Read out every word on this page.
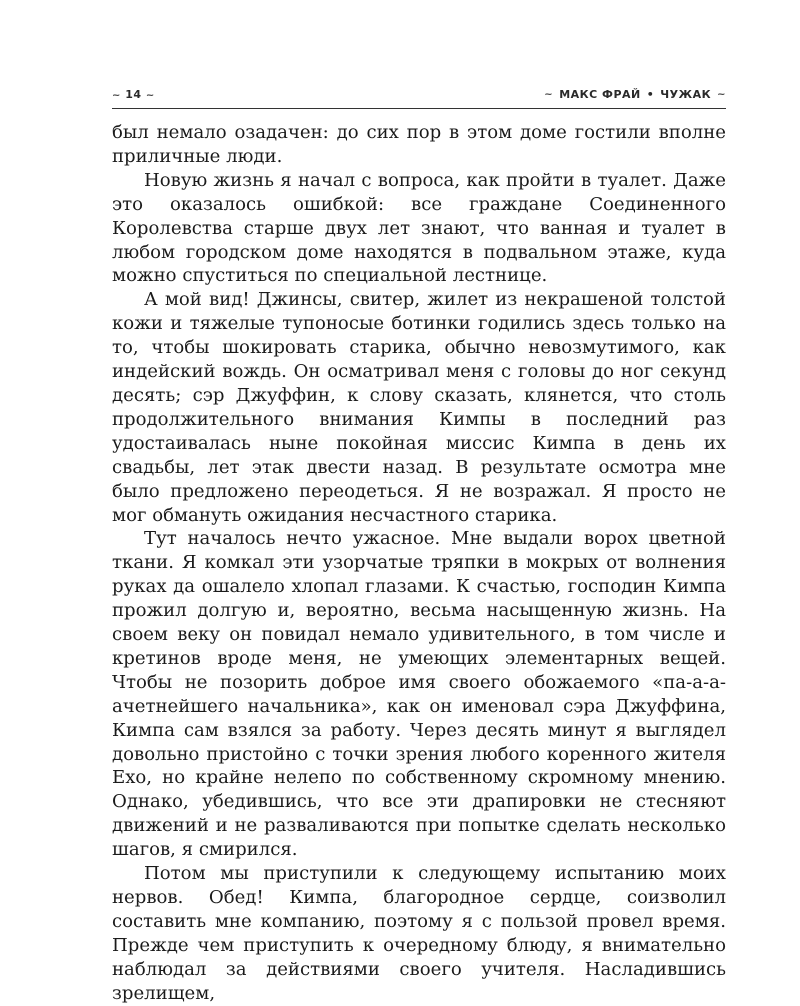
~ 14 ~	~ МАКС ФРАЙ • ЧУЖАК ~

был немало озадачен: до сих пор в этом доме гостили вполне приличные люди.

Новую жизнь я начал с вопроса, как пройти в туалет. Даже это оказалось ошибкой: все граждане Соединенного Королевства старше двух лет знают, что ванная и туалет в любом городском доме находятся в подвальном этаже, куда можно спуститься по специальной лестнице.

А мой вид! Джинсы, свитер, жилет из некрашеной толстой кожи и тяжелые тупоносые ботинки годились здесь только на то, чтобы шокировать старика, обычно невозмутимого, как индейский вождь. Он осматривал меня с головы до ног секунд десять; сэр Джуффин, к слову сказать, клянется, что столь продолжительного внимания Кимпы в последний раз удостаивалась ныне покойная миссис Кимпа в день их свадьбы, лет этак двести назад. В результате осмотра мне было предложено переодеться. Я не возражал. Я просто не мог обмануть ожидания несчастного старика.

Тут началось нечто ужасное. Мне выдали ворох цветной ткани. Я комкал эти узорчатые тряпки в мокрых от волнения руках да ошалело хлопал глазами. К счастью, господин Кимпа прожил долгую и, вероятно, весьма насыщенную жизнь. На своем веку он повидал немало удивительного, в том числе и кретинов вроде меня, не умеющих элементарных вещей. Чтобы не позорить доброе имя своего обожаемого «па-а-а-ачетнейшего начальника», как он именовал сэра Джуффина, Кимпа сам взялся за работу. Через десять минут я выглядел довольно пристойно с точки зрения любого коренного жителя Ехо, но крайне нелепо по собственному скромному мнению. Однако, убедившись, что все эти драпировки не стесняют движений и не разваливаются при попытке сделать несколько шагов, я смирился.

Потом мы приступили к следующему испытанию моих нервов. Обед! Кимпа, благородное сердце, соизволил составить мне компанию, поэтому я с пользой провел время. Прежде чем приступить к очередному блюду, я внимательно наблюдал за действиями своего учителя. Насладившись зрелищем,
